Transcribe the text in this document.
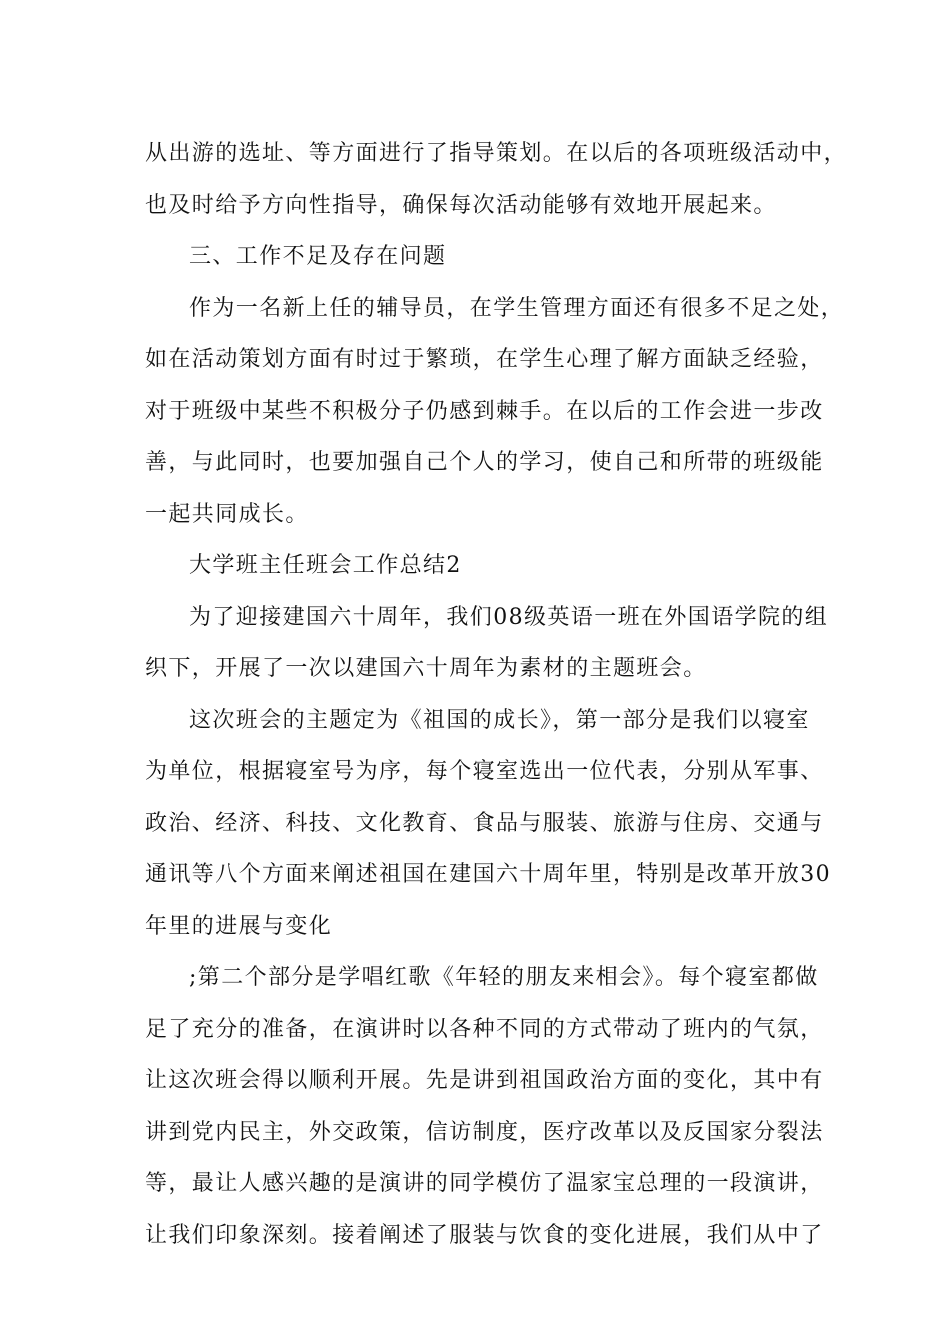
从出游的选址、等方面进行了指导策划。在以后的各项班级活动中，
也及时给予方向性指导，确保每次活动能够有效地开展起来。
三、工作不足及存在问题
作为一名新上任的辅导员，在学生管理方面还有很多不足之处，
如在活动策划方面有时过于繁琐，在学生心理了解方面缺乏经验，
对于班级中某些不积极分子仍感到棘手。在以后的工作会进一步改
善，与此同时，也要加强自己个人的学习，使自己和所带的班级能
一起共同成长。
大学班主任班会工作总结2
为了迎接建国六十周年，我们08级英语一班在外国语学院的组
织下，开展了一次以建国六十周年为素材的主题班会。
这次班会的主题定为《祖国的成长》，第一部分是我们以寝室
为单位，根据寝室号为序，每个寝室选出一位代表，分别从军事、
政治、经济、科技、文化教育、食品与服装、旅游与住房、交通与
通讯等八个方面来阐述祖国在建国六十周年里，特别是改革开放30
年里的进展与变化
;第二个部分是学唱红歌《年轻的朋友来相会》。每个寝室都做
足了充分的准备，在演讲时以各种不同的方式带动了班内的气氛，
让这次班会得以顺利开展。先是讲到祖国政治方面的变化，其中有
讲到党内民主，外交政策，信访制度，医疗改革以及反国家分裂法
等，最让人感兴趣的是演讲的同学模仿了温家宝总理的一段演讲，
让我们印象深刻。接着阐述了服装与饮食的变化进展，我们从中了
